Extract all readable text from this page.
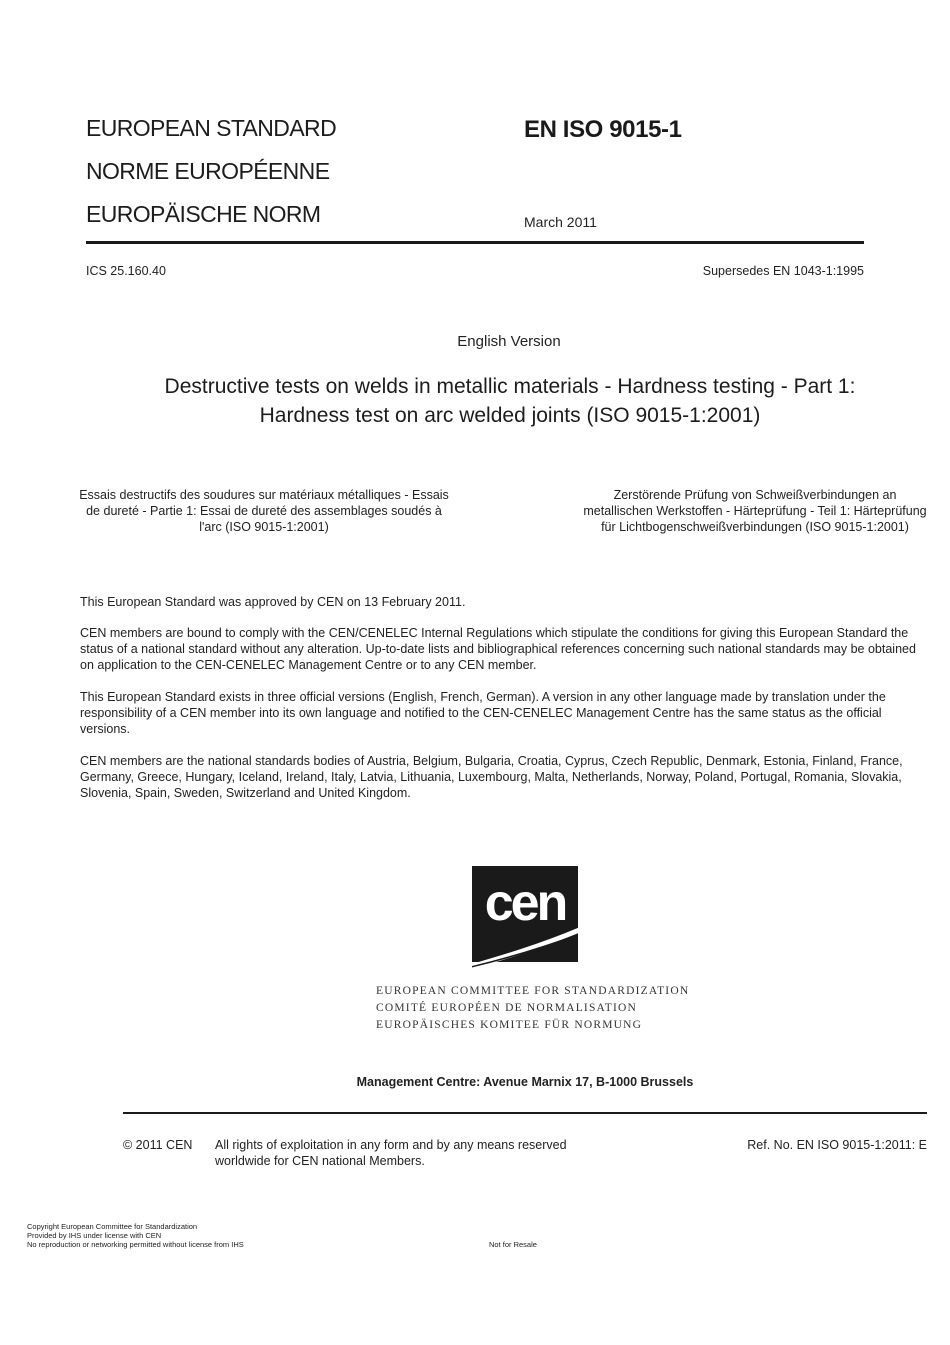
EUROPEAN STANDARD
NORME EUROPÉENNE
EUROPÄISCHE NORM
EN ISO 9015-1
March 2011
ICS 25.160.40	Supersedes EN 1043-1:1995
English Version
Destructive tests on welds in metallic materials - Hardness testing - Part 1: Hardness test on arc welded joints (ISO 9015-1:2001)
Essais destructifs des soudures sur matériaux métalliques - Essais de dureté - Partie 1: Essai de dureté des assemblages soudés à l'arc (ISO 9015-1:2001)
Zerstörende Prüfung von Schweißverbindungen an metallischen Werkstoffen - Härteprüfung - Teil 1: Härteprüfung für Lichtbogenschweißverbindungen (ISO 9015-1:2001)
This European Standard was approved by CEN on 13 February 2011.
CEN members are bound to comply with the CEN/CENELEC Internal Regulations which stipulate the conditions for giving this European Standard the status of a national standard without any alteration. Up-to-date lists and bibliographical references concerning such national standards may be obtained on application to the CEN-CENELEC Management Centre or to any CEN member.
This European Standard exists in three official versions (English, French, German). A version in any other language made by translation under the responsibility of a CEN member into its own language and notified to the CEN-CENELEC Management Centre has the same status as the official versions.
CEN members are the national standards bodies of Austria, Belgium, Bulgaria, Croatia, Cyprus, Czech Republic, Denmark, Estonia, Finland, France, Germany, Greece, Hungary, Iceland, Ireland, Italy, Latvia, Lithuania, Luxembourg, Malta, Netherlands, Norway, Poland, Portugal, Romania, Slovakia, Slovenia, Spain, Sweden, Switzerland and United Kingdom.
cen
EUROPEAN COMMITTEE FOR STANDARDIZATION
COMITÉ EUROPÉEN DE NORMALISATION
EUROPÄISCHES KOMITEE FÜR NORMUNG
Management Centre: Avenue Marnix 17, B-1000 Brussels
© 2011 CEN All rights of exploitation in any form and by any means reserved
worldwide for CEN national Members.
Ref. No. EN ISO 9015-1:2011: E
Copyright European Committee for Standardization
Provided by IHS under license with CEN
No reproduction or networking permitted without license from IHS	Not for Resale
